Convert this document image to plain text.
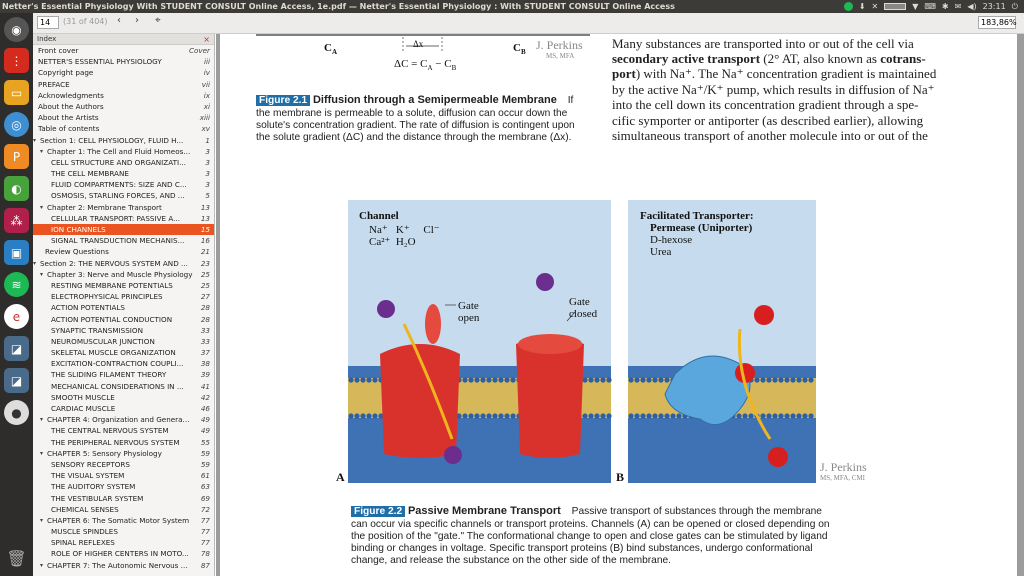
Netter's Essential Physiology With STUDENT CONSULT Online Access, 1e.pdf — Netter's Essential Physiology : With STUDENT CONSULT Online Access	⬇ ✕	▼ ⌨ ✱ ✉ ◀) 23:11 ⏻
◉
⋮
▭
◎
P
◐
⁂
▣
≋
e
◪
◪
●
🗑
14	(31 of 404) ‹ › ⌖	183,86%
Index	×
Front cover	Cover
NETTER'S ESSENTIAL PHYSIOLOGY	iii
Copyright page	iv
PREFACE	vii
Acknowledgments	ix
About the Authors	xi
About the Artists	xiii
Table of contents	xv
▾ Section 1: CELL PHYSIOLOGY, FLUID H...	1
▾ Chapter 1: The Cell and Fluid Homeos... 3
CELL STRUCTURE AND ORGANIZATI...	3
THE CELL MEMBRANE	3
FLUID COMPARTMENTS: SIZE AND C...	3
OSMOSIS, STARLING FORCES, AND ...	5
▾ Chapter 2: Membrane Transport	13
CELLULAR TRANSPORT: PASSIVE A...	13
ION CHANNELS	15
SIGNAL TRANSDUCTION MECHANIS... 16
Review Questions	21
▾ Section 2: THE NERVOUS SYSTEM AND ... 23
▾ Chapter 3: Nerve and Muscle Physiology 25
RESTING MEMBRANE POTENTIALS	25
ELECTROPHYSICAL PRINCIPLES	27
ACTION POTENTIALS	28
ACTION POTENTIAL CONDUCTION	28
SYNAPTIC TRANSMISSION	33
NEUROMUSCULAR JUNCTION	33
SKELETAL MUSCLE ORGANIZATION	37
EXCITATION-CONTRACTION COUPLI... 38
THE SLIDING FILAMENT THEORY	39
MECHANICAL CONSIDERATIONS IN ... 41
SMOOTH MUSCLE	42
CARDIAC MUSCLE	46
▾ CHAPTER 4: Organization and Genera... 49
THE CENTRAL NERVOUS SYSTEM	49
THE PERIPHERAL NERVOUS SYSTEM	55
▾ CHAPTER 5: Sensory Physiology	59
SENSORY RECEPTORS	59
THE VISUAL SYSTEM	61
THE AUDITORY SYSTEM	63
THE VESTIBULAR SYSTEM	69
CHEMICAL SENSES	72
▾ CHAPTER 6: The Somatic Motor System 77
MUSCLE SPINDLES	77
SPINAL REFLEXES	77
ROLE OF HIGHER CENTERS IN MOTO... 78
▾ CHAPTER 7: The Autonomic Nervous ... 87
$C_A$	$C_B$
Δx
$\Delta C = C_A - C_B$
J. Perkins
MS, MFA
Figure 2.1 Diffusion through a Semipermeable Membrane If
the membrane is permeable to a solute, diffusion can occur down the
solute's concentration gradient. The rate of diffusion is contingent upon
the solute gradient (ΔC) and the distance through the membrane (Δx).
Many substances are transported into or out of the cell via
secondary active transport (2° AT, also known as cotrans-
port) with Na⁺. The Na⁺ concentration gradient is maintained
by the active Na⁺/K⁺ pump, which results in diffusion of Na⁺
into the cell down its concentration gradient through a spe-
cific symporter or antiporter (as described earlier), allowing
simultaneous transport of another molecule into or out of the
Channel
Na⁺   K⁺     Cl⁻
Ca²⁺  H₂O
Gate
open
Gate
closed
Facilitated Transporter:
Permease (Uniporter)
D-hexose
Urea
A	B
J. Perkins
MS, MFA, CMI
Figure 2.2 Passive Membrane Transport Passive transport of substances through the membrane
can occur via specific channels or transport proteins. Channels (A) can be opened or closed depending on
the position of the "gate." The conformational change to open and close gates can be stimulated by ligand
binding or changes in voltage. Specific transport proteins (B) bind substances, undergo conformational
change, and release the substance on the other side of the membrane.
